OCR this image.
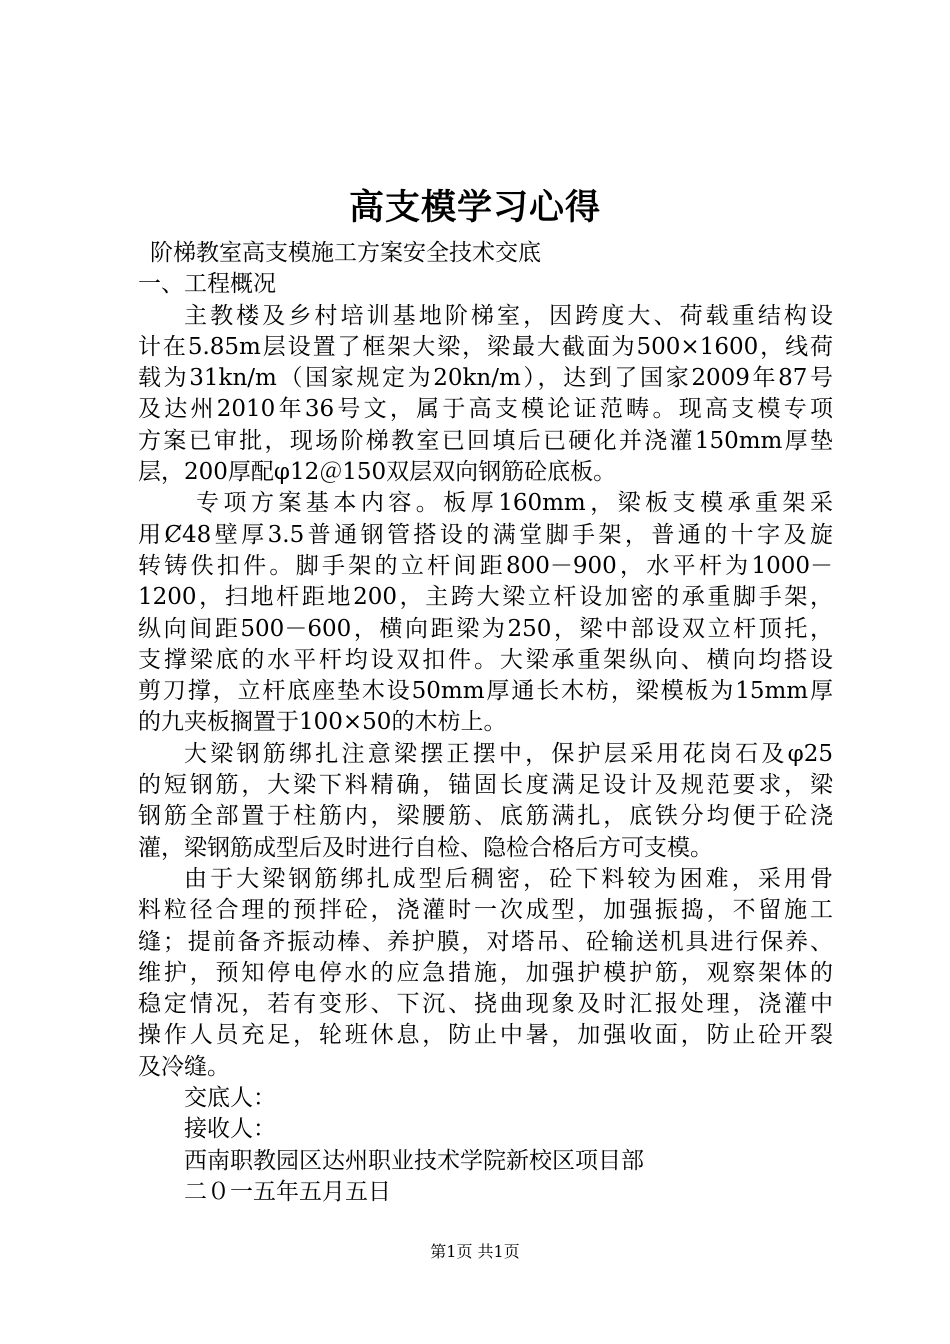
高支模学习心得
阶梯教室高支模施工方案安全技术交底
一、工程概况
主教楼及乡村培训基地阶梯室，因跨度大、荷载重结构设
计在5.85m层设置了框架大梁，梁最大截面为500×1600，线荷
载为31kn/m（国家规定为20kn/m），达到了国家2009年87号
及达州2010年36号文，属于高支模论证范畴。现高支模专项
方案已审批，现场阶梯教室已回填后已硬化并浇灌150mm厚垫
层，200厚配φ12＠150双层双向钢筋砼底板。
专项方案基本内容。板厚160mm，梁板支模承重架采
用Ȼ48壁厚3.5普通钢管搭设的满堂脚手架，普通的十字及旋
转铸佚扣件。脚手架的立杆间距800－900，水平杆为1000－
1200，扫地杆距地200，主跨大梁立杆设加密的承重脚手架，
纵向间距500－600，横向距梁为250，梁中部设双立杆顶托，
支撑梁底的水平杆均设双扣件。大梁承重架纵向、横向均搭设
剪刀撑，立杆底座垫木设50mm厚通长木枋，梁模板为15mm厚
的九夹板搁置于100×50的木枋上。
大梁钢筋绑扎注意梁摆正摆中，保护层采用花岗石及φ25
的短钢筋，大梁下料精确，锚固长度满足设计及规范要求，梁
钢筋全部置于柱筋内，梁腰筋、底筋满扎，底铁分均便于砼浇
灌，梁钢筋成型后及时进行自检、隐检合格后方可支模。
由于大梁钢筋绑扎成型后稠密，砼下料较为困难，采用骨
料粒径合理的预拌砼，浇灌时一次成型，加强振捣，不留施工
缝；提前备齐振动棒、养护膜，对塔吊、砼输送机具进行保养、
维护，预知停电停水的应急措施，加强护模护筋，观察架体的
稳定情况，若有变形、下沉、挠曲现象及时汇报处理，浇灌中
操作人员充足，轮班休息，防止中暑，加强收面，防止砼开裂
及冷缝。
交底人：
接收人：
西南职教园区达州职业技术学院新校区项目部
二０一五年五月五日
第1页 共1页
